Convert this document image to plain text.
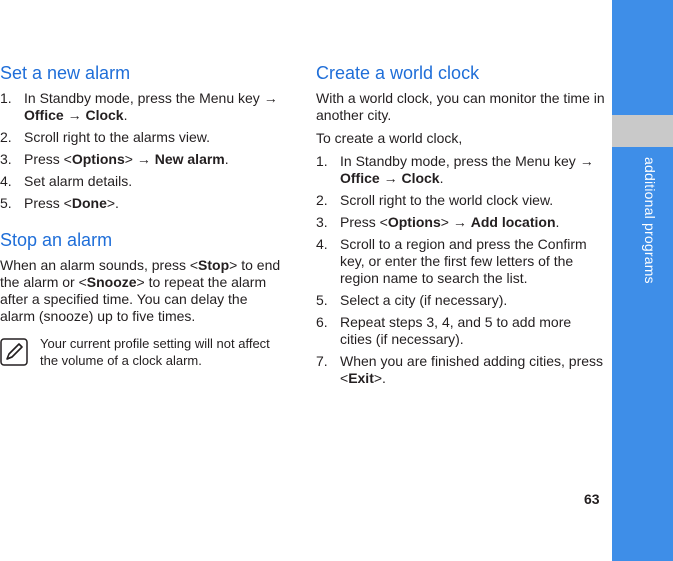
additional programs
Set a new alarm
1. In Standby mode, press the Menu key → Office → Clock.
2. Scroll right to the alarms view.
3. Press <Options> → New alarm.
4. Set alarm details.
5. Press <Done>.
Stop an alarm

When an alarm sounds, press <Stop> to end the alarm or <Snooze> to repeat the alarm after a specified time. You can delay the alarm (snooze) up to five times.

Your current profile setting will not affect the volume of a clock alarm.
Create a world clock

With a world clock, you can monitor the time in another city.

To create a world clock,

1. In Standby mode, press the Menu key → Office → Clock.
2. Scroll right to the world clock view.
3. Press <Options> → Add location.
4. Scroll to a region and press the Confirm key, or enter the first few letters of the region name to search the list.
5. Select a city (if necessary).
6. Repeat steps 3, 4, and 5 to add more cities (if necessary).
7. When you are finished adding cities, press <Exit>.
63
